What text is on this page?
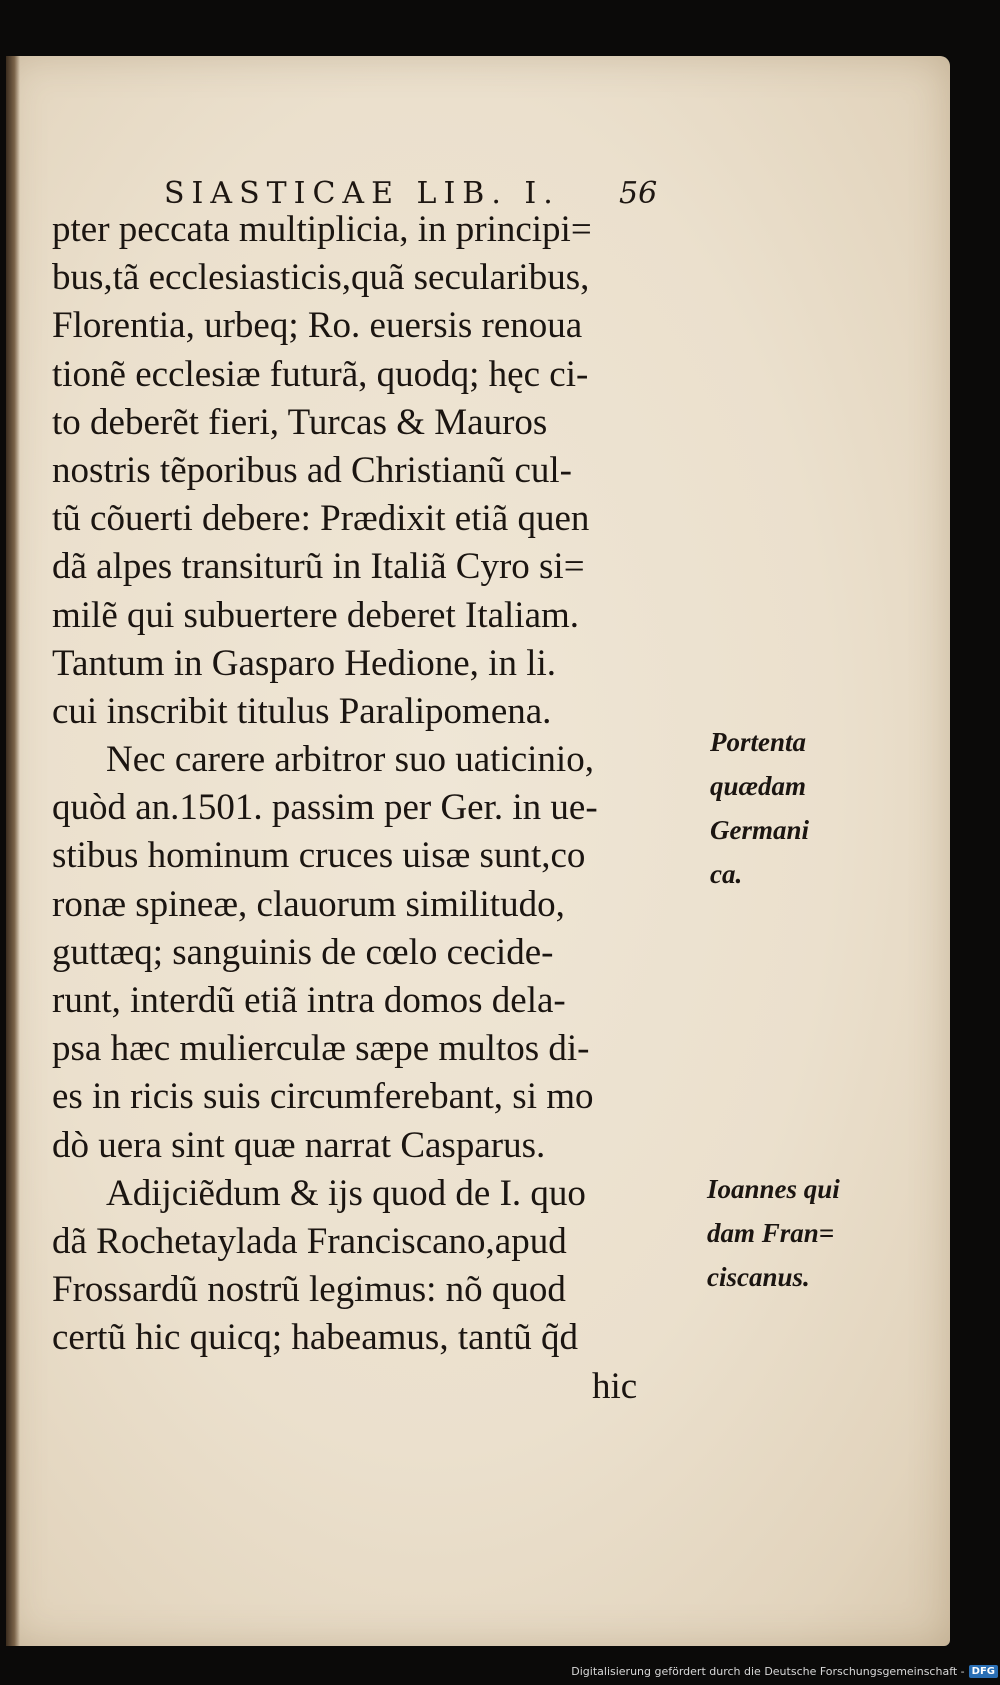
SIASTICAE LIB. I. 56
pter peccata multiplicia, in principi=
bus,tã ecclesiasticis,quã secularibus,
Florentia, urbeq; Ro. euersis renoua
tionẽ ecclesiæ futurã, quodq; hęc ci-
to deberẽt fieri, Turcas & Mauros
nostris tẽporibus ad Christianũ cul-
tũ cõuerti debere: Prædixit etiã quen
dã alpes transiturũ in Italiã Cyro si=
milẽ qui subuertere deberet Italiam.
Tantum in Gasparo Hedione, in li.
cui inscribit titulus Paralipomena.
Nec carere arbitror suo uaticinio,
quòd an.1501. passim per Ger. in ue-
stibus hominum cruces uisæ sunt,co
ronæ spineæ, clauorum similitudo,
guttæq; sanguinis de cœlo cecide-
runt, interdũ etiã intra domos dela-
psa hæc mulierculæ sæpe multos di-
es in ricis suis circumferebant, si mo
dò uera sint quæ narrat Casparus.
Adijciẽdum & ijs quod de I. quo
dã Rochetaylada Franciscano,apud
Frossardũ nostrũ legimus: nõ quod
certũ hic quicq; habeamus, tantũ q̃d
hic
Portenta
quædam
Germani
ca.
Ioannes qui
dam Fran=
ciscanus.
Digitalisierung gefördert durch die Deutsche Forschungsgemeinschaft - DFG
